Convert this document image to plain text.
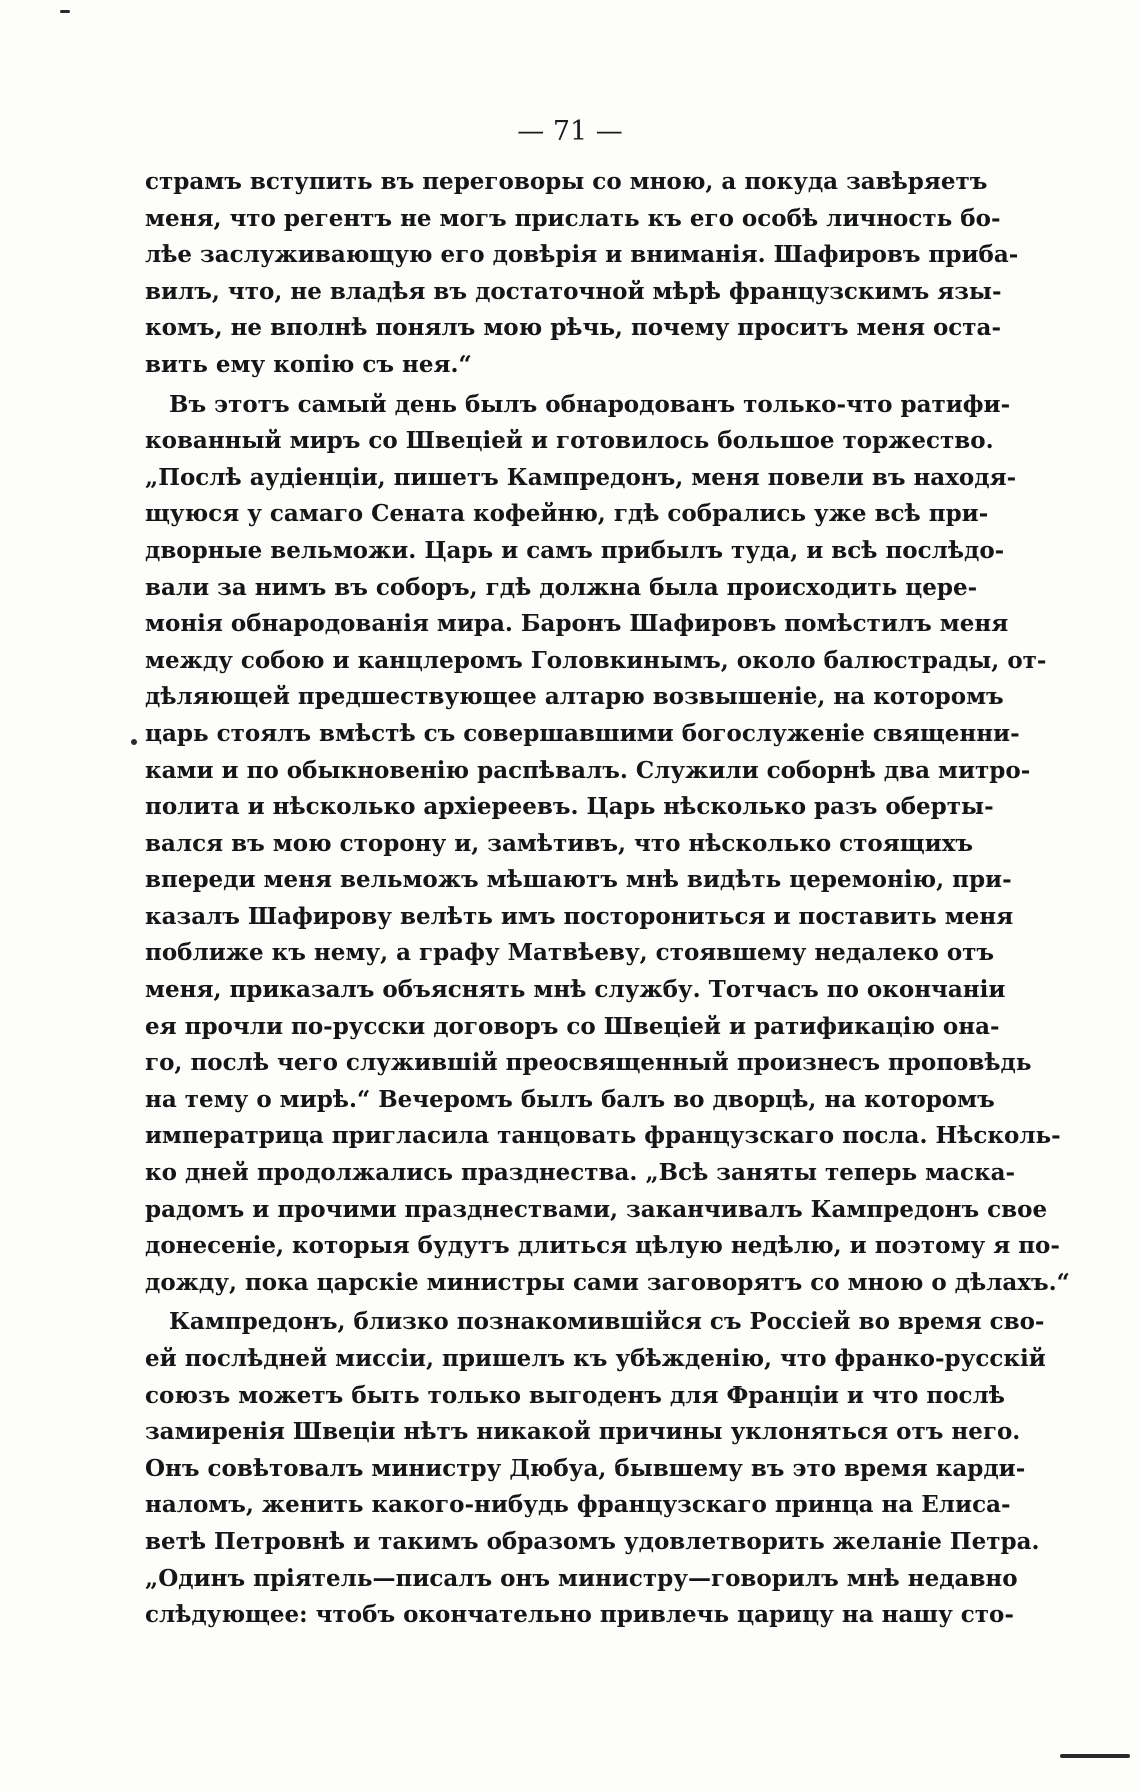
— 71 —
страмъ вступить въ переговоры со мною, а покуда завѣряетъ
меня, что регентъ не могъ прислать къ его особѣ личность бо-
лѣе заслуживающую его довѣрія и вниманія. Шафировъ прибa-
вилъ, что, не владѣя въ достаточной мѣрѣ французскимъ язы-
комъ, не вполнѣ понялъ мою рѣчь, почему проситъ меня оста-
вить ему копію съ нея.“
Въ этотъ самый день былъ обнародованъ только-что ратифи-
кованный миръ со Швеціей и готовилось большое торжество.
„Послѣ аудіенціи, пишетъ Кампредонъ, меня повели въ находя-
щуюся у самаго Сената кофейню, гдѣ собрались уже всѣ при-
дворные вельможи. Царь и самъ прибылъ туда, и всѣ послѣдо-
вали за нимъ въ соборъ, гдѣ должна была происходить цере-
монія обнародованія мира. Баронъ Шафировъ помѣстилъ меня
между собою и канцлеромъ Головкинымъ, около балюстрады, от-
дѣляющей предшествующее алтарю возвышеніе, на которомъ
царь стоялъ вмѣстѣ съ совершавшими богослуженіе священни-
ками и по обыкновенію распѣвалъ. Служили соборнѣ два митро-
полита и нѣсколько архіереевъ. Царь нѣсколько разъ оберты-
вался въ мою сторону и, замѣтивъ, что нѣсколько стоящихъ
впереди меня вельможъ мѣшаютъ мнѣ видѣть церемонію, при-
казалъ Шафирову велѣть имъ посторониться и поставить меня
поближе къ нему, а графу Матвѣеву, стоявшему недалеко отъ
меня, приказалъ объяснять мнѣ службу. Тотчасъ по окончаніи
ея прочли по-русски договоръ со Швеціей и ратификацію она-
го, послѣ чего служившій преосвященный произнесъ проповѣдь
на тему о мирѣ.“ Вечеромъ былъ балъ во дворцѣ, на которомъ
императрица пригласила танцовать французскаго посла. Нѣсколь-
ко дней продолжались празднества. „Всѣ заняты теперь маска-
радомъ и прочими празднествами, заканчивалъ Кампредонъ свое
донесеніе, которыя будутъ длиться цѣлую недѣлю, и поэтому я по-
дожду, пока царскіе министры сами заговорятъ со мною о дѣлахъ.“
Кампредонъ, близко познакомившійся съ Россіей во время сво-
ей послѣдней миссіи, пришелъ къ убѣжденію, что франко-русскій
союзъ можетъ быть только выгоденъ для Франціи и что послѣ
замиренія Швеціи нѣтъ никакой причины уклоняться отъ него.
Онъ совѣтовалъ министру Дюбуа, бывшему въ это время карди-
наломъ, женить какого-нибудь французскаго принца на Елиса-
ветѣ Петровнѣ и такимъ образомъ удовлетворить желаніе Петра.
„Одинъ пріятель—писалъ онъ министру—говорилъ мнѣ недавно
слѣдующее: чтобъ окончательно привлечь царицу на нашу сто-
